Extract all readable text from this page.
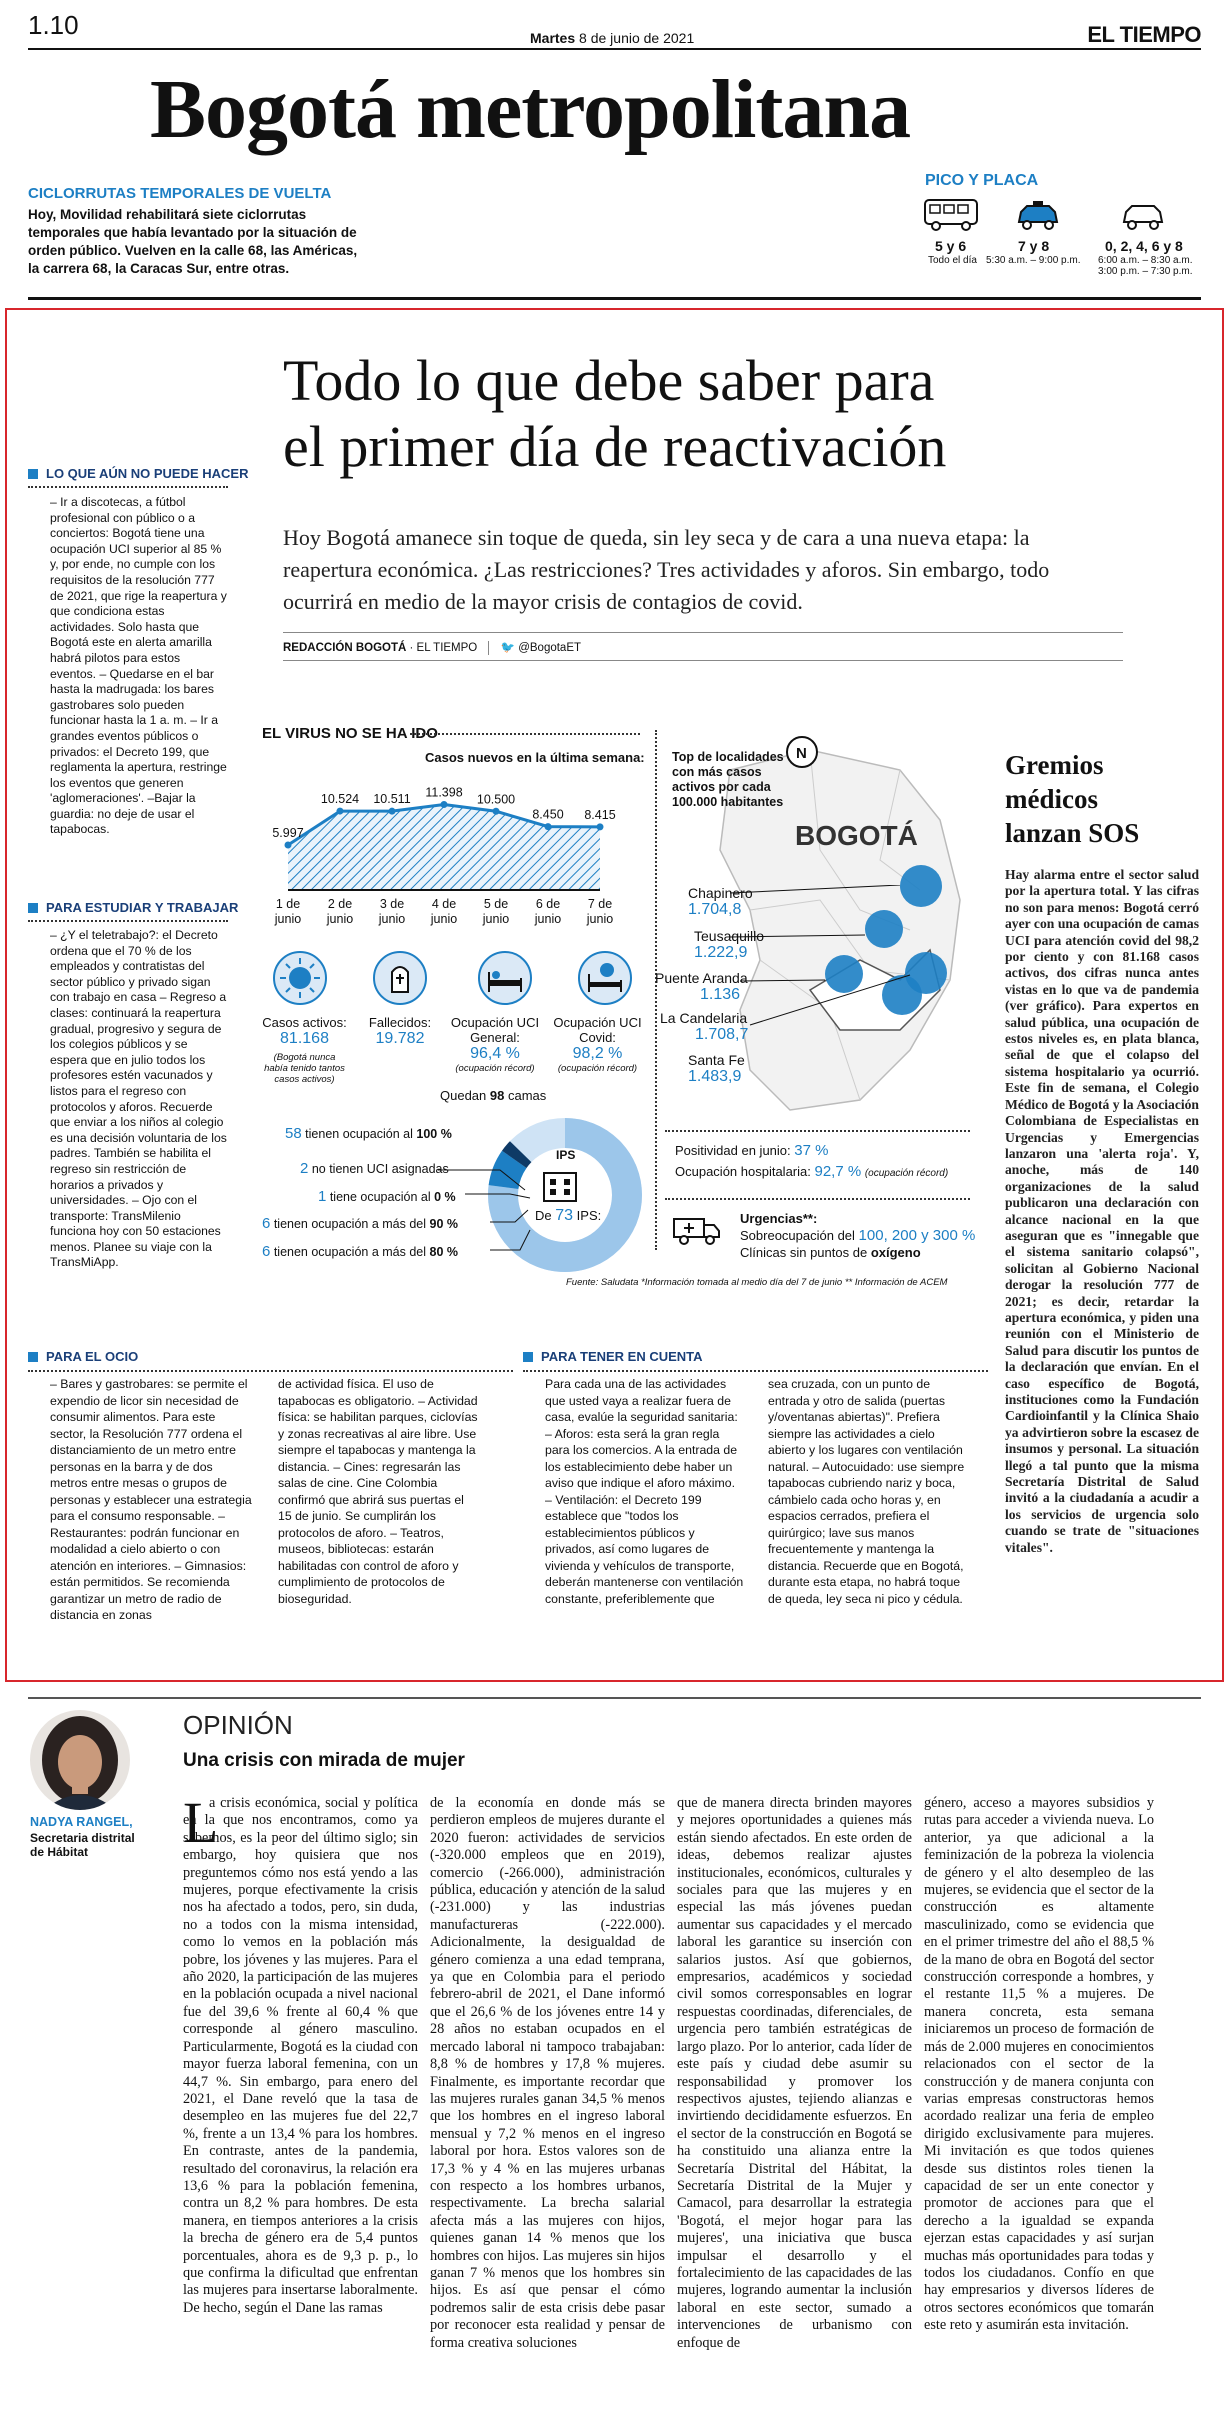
1.10	Martes 8 de junio de 2021	EL TIEMPO
Bogotá metropolitana
CICLORRUTAS TEMPORALES DE VUELTA
Hoy, Movilidad rehabilitará siete ciclorrutas temporales que había levantado por la situación de orden público. Vuelven en la calle 68, las Américas, la carrera 68, la Caracas Sur, entre otras.
PICO Y PLACA
5 y 6
Todo el día
7 y 8
5:30 a.m. – 9:00 p.m.
0, 2, 4, 6 y 8
6:00 a.m. – 8:30 a.m.
3:00 p.m. – 7:30 p.m.
Todo lo que debe saber para
el primer día de reactivación
Hoy Bogotá amanece sin toque de queda, sin ley seca y de cara a una nueva etapa: la reapertura económica. ¿Las restricciones? Tres actividades y aforos. Sin embargo, todo ocurrirá en medio de la mayor crisis de contagios de covid.
REDACCIÓN BOGOTÁ · EL TIEMPO 🐦 @BogotaET
LO QUE AÚN NO PUEDE HACER
– Ir a discotecas, a fútbol profesional con público o a conciertos: Bogotá tiene una ocupación UCI superior al 85 % y, por ende, no cumple con los requisitos de la resolución 777 de 2021, que rige la reapertura y que condiciona estas actividades. Solo hasta que Bogotá este en alerta amarilla habrá pilotos para estos eventos. – Quedarse en el bar hasta la madrugada: los bares gastrobares solo pueden funcionar hasta la 1 a. m. – Ir a grandes eventos públicos o privados: el Decreto 199, que reglamenta la apertura, restringe los eventos que generen 'aglomeraciones'. –Bajar la guardia: no deje de usar el tapabocas.
PARA ESTUDIAR Y TRABAJAR
– ¿Y el teletrabajo?: el Decreto ordena que el 70 % de los empleados y contratistas del sector público y privado sigan con trabajo en casa – Regreso a clases: continuará la reapertura gradual, progresivo y segura de los colegios públicos y se espera que en julio todos los profesores estén vacunados y listos para el regreso con protocolos y aforos. Recuerde que enviar a los niños al colegio es una decisión voluntaria de los padres. También se habilita el regreso sin restricción de horarios a privados y universidades. – Ojo con el transporte: TransMilenio funciona hoy con 50 estaciones menos. Planee su viaje con la TransMiApp.
EL VIRUS NO SE HA IDO
Casos nuevos en la última semana:
5.997
1 de
junio
10.524
2 de
junio
10.511
3 de
junio
11.398
4 de
junio
10.500
5 de
junio
8.450
6 de
junio
8.415
7 de
junio
Casos activos:
81.168
(Bogotá nunca había tenido tantos casos activos)
Fallecidos:
19.782
Ocupación UCI General:
96,4 %
(ocupación récord)
Ocupación UCI Covid:
98,2 %
(ocupación récord)
Quedan 98 camas
IPS
De 73 IPS:
58 tienen ocupación al 100 %
2 no tienen UCI asignadas
1 tiene ocupación al 0 %
6 tienen ocupación a más del 90 %
6 tienen ocupación a más del 80 %
N
Top de localidades con más casos activos por cada 100.000 habitantes
BOGOTÁ
Chapinero
1.704,8
Teusaquillo
1.222,9
Puente Aranda
1.136
La Candelaria
1.708,7
Santa Fe
1.483,9
Positividad en junio: 37 %
Ocupación hospitalaria: 92,7 % (ocupación récord)
Urgencias**:
Sobreocupación del 100, 200 y 300 %
Clínicas sin puntos de oxígeno
Fuente: Saludata *Información tomada al medio día del 7 de junio ** Información de ACEM
Gremios médicos lanzan SOS
Hay alarma entre el sector salud por la apertura total. Y las cifras no son para menos: Bogotá cerró ayer con una ocupación de camas UCI para atención covid del 98,2 por ciento y con 81.168 casos activos, dos cifras nunca antes vistas en lo que va de pandemia (ver gráfico). Para expertos en salud pública, una ocupación de estos niveles es, en plata blanca, señal de que el colapso del sistema hospitalario ya ocurrió. Este fin de semana, el Colegio Médico de Bogotá y la Asociación Colombiana de Especialistas en Urgencias y Emergencias lanzaron una 'alerta roja'. Y, anoche, más de 140 organizaciones de la salud publicaron una declaración con alcance nacional en la que aseguran que es "innegable que el sistema sanitario colapsó", solicitan al Gobierno Nacional derogar la resolución 777 de 2021; es decir, retardar la apertura económica, y piden una reunión con el Ministerio de Salud para discutir los puntos de la declaración que envían. En el caso específico de Bogotá, instituciones como la Fundación Cardioinfantil y la Clínica Shaio ya advirtieron sobre la escasez de insumos y personal. La situación llegó a tal punto que la misma Secretaría Distrital de Salud invitó a la ciudadanía a acudir a los servicios de urgencia solo cuando se trate de "situaciones vitales".
PARA EL OCIO
– Bares y gastrobares: se permite el expendio de licor sin necesidad de consumir alimentos. Para este sector, la Resolución 777 ordena el distanciamiento de un metro entre personas en la barra y de dos metros entre mesas o grupos de personas y establecer una estrategia para el consumo responsable. – Restaurantes: podrán funcionar en modalidad a cielo abierto o con atención en interiores. – Gimnasios: están permitidos. Se recomienda garantizar un metro de radio de distancia en zonas
de actividad física. El uso de tapabocas es obligatorio. – Actividad física: se habilitan parques, ciclovías y zonas recreativas al aire libre. Use siempre el tapabocas y mantenga la distancia. – Cines: regresarán las salas de cine. Cine Colombia confirmó que abrirá sus puertas el 15 de junio. Se cumplirán los protocolos de aforo. – Teatros, museos, bibliotecas: estarán habilitadas con control de aforo y cumplimiento de protocolos de bioseguridad.
PARA TENER EN CUENTA
Para cada una de las actividades que usted vaya a realizar fuera de casa, evalúe la seguridad sanitaria: – Aforos: esta será la gran regla para los comercios. A la entrada de los establecimiento debe haber un aviso que indique el aforo máximo. – Ventilación: el Decreto 199 establece que "todos los establecimientos públicos y privados, así como lugares de vivienda y vehículos de transporte, deberán mantenerse con ventilación constante, preferiblemente que
sea cruzada, con un punto de entrada y otro de salida (puertas y/oventanas abiertas)". Prefiera siempre las actividades a cielo abierto y los lugares con ventilación natural. – Autocuidado: use siempre tapabocas cubriendo nariz y boca, cámbielo cada ocho horas y, en espacios cerrados, prefiera el quirúrgico; lave sus manos frecuentemente y mantenga la distancia. Recuerde que en Bogotá, durante esta etapa, no habrá toque de queda, ley seca ni pico y cédula.
NADYA RANGEL,
Secretaria distrital de Hábitat
OPINIÓN
Una crisis con mirada de mujer
L
a crisis económica, social y política en la que nos encontramos, como ya sabemos, es la peor del último siglo; sin embargo, hoy quisiera que nos preguntemos cómo nos está yendo a las mujeres, porque efectivamente la crisis nos ha afectado a todos, pero, sin duda, no a todos con la misma intensidad, como lo vemos en la población más pobre, los jóvenes y las mujeres. Para el año 2020, la participación de las mujeres en la población ocupada a nivel nacional fue del 39,6 % frente al 60,4 % que corresponde al género masculino. Particularmente, Bogotá es la ciudad con mayor fuerza laboral femenina, con un 44,7 %. Sin embargo, para enero del 2021, el Dane reveló que la tasa de desempleo en las mujeres fue del 22,7 %, frente a un 13,4 % para los hombres. En contraste, antes de la pandemia, resultado del coronavirus, la relación era 13,6 % para la población femenina, contra un 8,2 % para hombres. De esta manera, en tiempos anteriores a la crisis la brecha de género era de 5,4 puntos porcentuales, ahora es de 9,3 p. p., lo que confirma la dificultad que enfrentan las mujeres para insertarse laboralmente. De hecho, según el Dane las ramas
de la economía en donde más se perdieron empleos de mujeres durante el 2020 fueron: actividades de servicios (-320.000 empleos que en 2019), comercio (-266.000), administración pública, educación y atención de la salud (-231.000) y las industrias manufactureras (-222.000). Adicionalmente, la desigualdad de género comienza a una edad temprana, ya que en Colombia para el periodo febrero-abril de 2021, el Dane informó que el 26,6 % de los jóvenes entre 14 y 28 años no estaban ocupados en el mercado laboral ni tampoco trabajaban: 8,8 % de hombres y 17,8 % mujeres. Finalmente, es importante recordar que las mujeres rurales ganan 34,5 % menos que los hombres en el ingreso laboral mensual y 7,2 % menos en el ingreso laboral por hora. Estos valores son de 17,3 % y 4 % en las mujeres urbanas con respecto a los hombres urbanos, respectivamente. La brecha salarial afecta más a las mujeres con hijos, quienes ganan 14 % menos que los hombres con hijos. Las mujeres sin hijos ganan 7 % menos que los hombres sin hijos. Es así que pensar el cómo podremos salir de esta crisis debe pasar por reconocer esta realidad y pensar de forma creativa soluciones
que de manera directa brinden mayores y mejores oportunidades a quienes más están siendo afectados. En este orden de ideas, debemos realizar ajustes institucionales, económicos, culturales y sociales para que las mujeres y en especial las más jóvenes puedan aumentar sus capacidades y el mercado laboral les garantice su inserción con salarios justos. Así que gobiernos, empresarios, académicos y sociedad civil somos corresponsables en lograr respuestas coordinadas, diferenciales, de urgencia pero también estratégicas de largo plazo. Por lo anterior, cada líder de este país y ciudad debe asumir su responsabilidad y promover los respectivos ajustes, tejiendo alianzas e invirtiendo decididamente esfuerzos. En el sector de la construcción en Bogotá se ha constituido una alianza entre la Secretaría Distrital del Hábitat, la Secretaría Distrital de la Mujer y Camacol, para desarrollar la estrategia 'Bogotá, el mejor hogar para las mujeres', una iniciativa que busca impulsar el desarrollo y el fortalecimiento de las capacidades de las mujeres, logrando aumentar la inclusión laboral en este sector, sumado a intervenciones de urbanismo con enfoque de
género, acceso a mayores subsidios y rutas para acceder a vivienda nueva. Lo anterior, ya que adicional a la feminización de la pobreza la violencia de género y el alto desempleo de las mujeres, se evidencia que el sector de la construcción es altamente masculinizado, como se evidencia que en el primer trimestre del año el 88,5 % de la mano de obra en Bogotá del sector construcción corresponde a hombres, y el restante 11,5 % a mujeres. De manera concreta, esta semana iniciaremos un proceso de formación de más de 2.000 mujeres en conocimientos relacionados con el sector de la construcción y de manera conjunta con varias empresas constructoras hemos acordado realizar una feria de empleo dirigido exclusivamente para mujeres. Mi invitación es que todos quienes desde sus distintos roles tienen la capacidad de ser un ente conector y promotor de acciones para que el derecho a la igualdad se expanda ejerzan estas capacidades y así surjan muchas más oportunidades para todas y todos los ciudadanos. Confío en que hay empresarios y diversos líderes de otros sectores económicos que tomarán este reto y asumirán esta invitación.
